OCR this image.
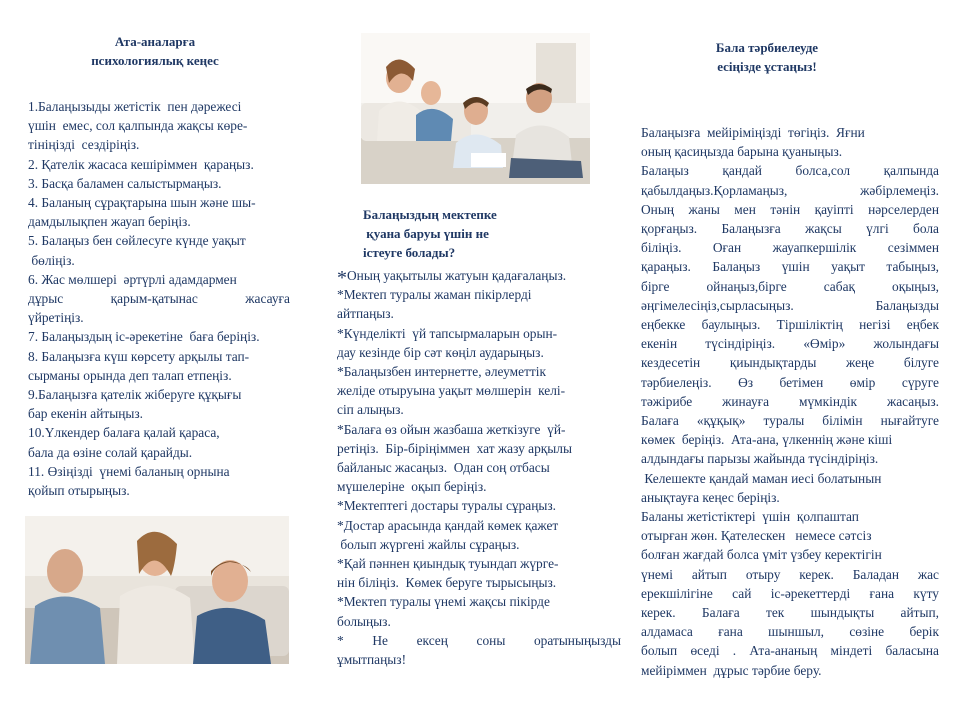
Ата-аналарға
психологиялық кеңес
1.Балаңызыды жетістік  пен дәрежесі
үшін  емес, сол қалпында жақсы көре-
тініңізді  сездіріңіз.
2. Қателік жасаса кешіріммен  қараңыз.
3. Басқа баламен салыстырмаңыз.
4. Баланың сұрақтарына шын және шы-
дамдылықпен жауап беріңіз.
5. Балаңыз бен сөйлесуге күнде уақыт
бөліңіз.
6. Жас мөлшері  әртүрлі адамдармен
дұрыс қарым-қатынас жасауға
үйретіңіз.
7. Балаңыздың іс-әрекетіне  баға беріңіз.
8. Балаңызға күш көрсету арқылы тап-
сырманы орында деп талап етпеңіз.
9.Балаңызға қателік жіберуге құқығы
бар екенін айтыңыз.
10.Үлкендер балаға қалай қараса,
бала да өзіне солай қарайды.
11. Өзіңізді  үнемі баланың орнына
қойып отырыңыз.
Балаңыздың мектепке
қуана баруы үшін не
істеуге болады?
*Оның уақытылы жатуын қадағалаңыз.
*Мектеп туралы жаман пікірлерді
айтпаңыз.
*Күнделікті  үй тапсырмаларын орын-
дау кезінде бір сәт көңіл аударыңыз.
*Балаңызбен интернетте, әлеуметтік
желіде отыруына уақыт мөлшерін  келі-
сіп алыңыз.
*Балаға өз ойын жазбаша жеткізуге  үй-
ретіңіз.  Бір-біріңіммен  хат жазу арқылы
байланыс жасаңыз.  Одан соң отбасы
мүшелеріне  оқып беріңіз.
*Мектептегі достары туралы сұраңыз.
*Достар арасында қандай көмек қажет
болып жүргені жайлы сұраңыз.
*Қай пәннен қиындық туындап жүрге-
нін біліңіз.  Көмек беруге тырысыңыз.
*Мектеп туралы үнемі жақсы пікірде
болыңыз.
* Не ексең соны оратыныңызды
ұмытпаңыз!
Бала тәрбиелеуде
есіңізде ұстаңыз!
Балаңызға  мейіріміңізді  төгіңіз.  Яғни
оның қасиңызда барына қуаныңыз.
Балаңыз қандай болса,сол қалпында
қабылдаңыз.Қорламаңыз, жәбірлемеңіз.
Оның жаны мен тәнін қауіпті нәрселерден
қорғаңыз. Балаңызға жақсы үлгі бола
біліңіз. Оған жауапкершілік сезіммен
қараңыз. Балаңыз үшін уақыт табыңыз,
бірге ойнаңыз,бірге сабақ оқыңыз,
әңгімелесіңіз,сырласыңыз. Балаңызды
еңбекке баулыңыз. Тіршіліктің негізі еңбек
екенін түсіндіріңіз. «Өмір» жолындағы
кездесетін қиындықтарды жеңе білуге
тәрбиелеңіз. Өз бетімен өмір сүруге
тәжірибе жинауға мүмкіндік жасаңыз.
Балаға «құқық» туралы білімін нығайтуге
көмек  беріңіз.  Ата-ана, үлкеннің және кіші
алдындағы парызы жайында түсіндіріңіз.
Келешекте қандай маман иесі болатынын
анықтауға кеңес беріңіз.
Баланы жетістіктері  үшін  қолпаштап
отырған жөн. Қателескен   немесе сәтсіз
болған жағдай болса үміт үзбеу керектігін
үнемі айтып отыру керек. Баладан жас
ерекшілігіне сай іс-әрекеттерді ғана күту
керек. Балаға тек шындықты айтып,
алдамаса ғана шыншыл, сөзіне берік
болып өседі . Ата-ананың міндеті баласына
мейіріммен  дұрыс тәрбие беру.
